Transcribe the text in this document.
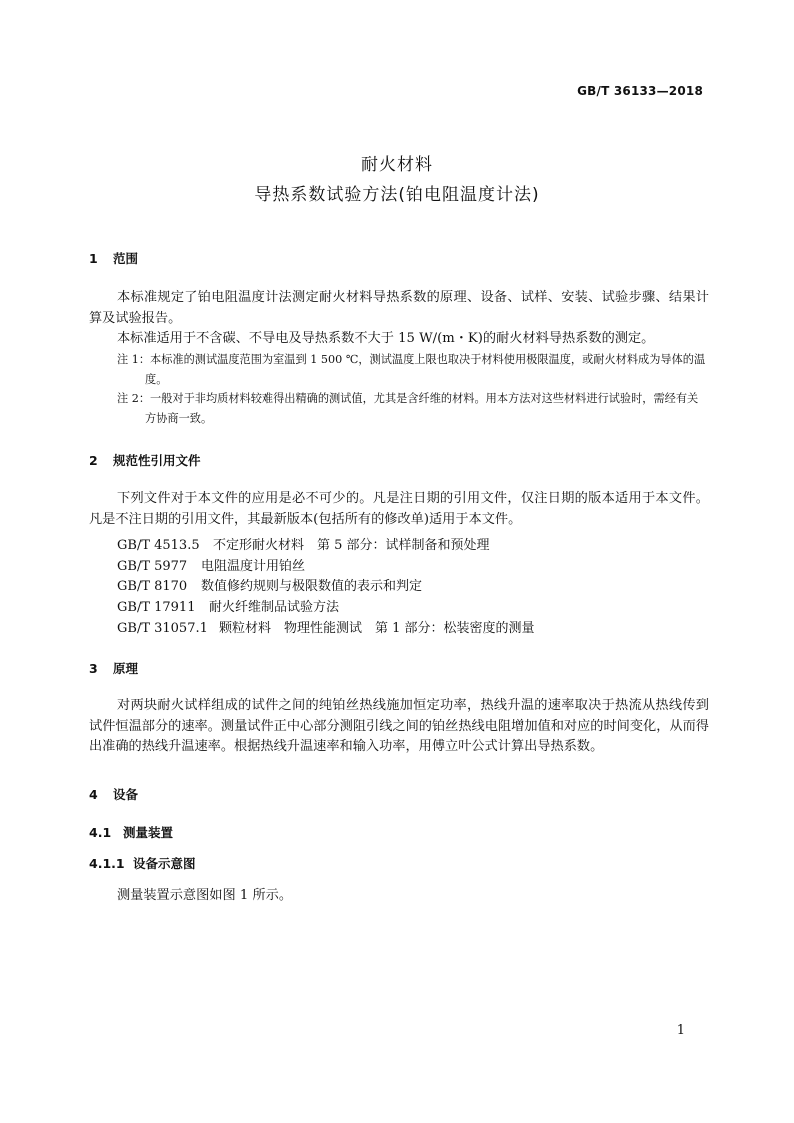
GB/T 36133—2018
耐火材料
导热系数试验方法(铂电阻温度计法)
1 范围
本标准规定了铂电阻温度计法测定耐火材料导热系数的原理、设备、试样、安装、试验步骤、结果计算及试验报告。
本标准适用于不含碳、不导电及导热系数不大于 15 W/(m・K)的耐火材料导热系数的测定。
注 1：本标准的测试温度范围为室温到 1 500 ℃，测试温度上限也取决于材料使用极限温度，或耐火材料成为导体的温度。
注 2：一般对于非均质材料较难得出精确的测试值，尤其是含纤维的材料。用本方法对这些材料进行试验时，需经有关方协商一致。
2 规范性引用文件
下列文件对于本文件的应用是必不可少的。凡是注日期的引用文件，仅注日期的版本适用于本文件。凡是不注日期的引用文件，其最新版本(包括所有的修改单)适用于本文件。
GB/T 4513.5 不定形耐火材料　第 5 部分：试样制备和预处理
GB/T 5977 电阻温度计用铂丝
GB/T 8170 数值修约规则与极限数值的表示和判定
GB/T 17911 耐火纤维制品试验方法
GB/T 31057.1 颗粒材料　物理性能测试　第 1 部分：松装密度的测量
3 原理
对两块耐火试样组成的试件之间的纯铂丝热线施加恒定功率，热线升温的速率取决于热流从热线传到试件恒温部分的速率。测量试件正中心部分测阻引线之间的铂丝热线电阻增加值和对应的时间变化，从而得出准确的热线升温速率。根据热线升温速率和输入功率，用傅立叶公式计算出导热系数。
4 设备
4.1 测量装置
4.1.1 设备示意图
测量装置示意图如图 1 所示。
1
